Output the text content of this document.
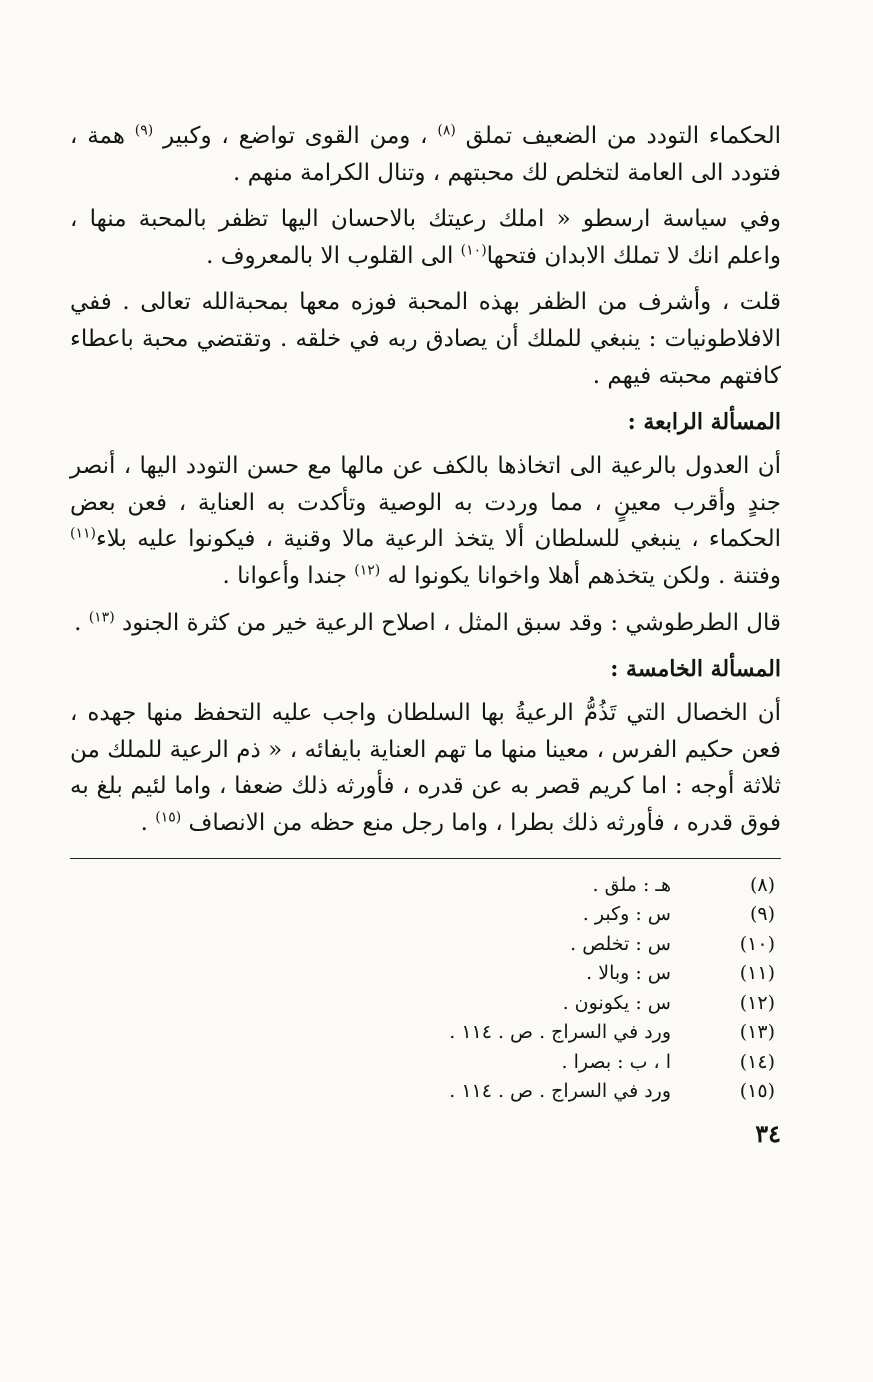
الحكماء التودد من الضعيف تملق $^{(٨)}$ ، ومن القوى تواضع ، وكبير $^{(٩)}$ همة ، فتودد الى العامة لتخلص لك محبتهم ، وتنال الكرامة منهم .

وفي سياسة ارسطو « املك رعيتك بالاحسان اليها تظفر بالمحبة منها ، واعلم انك لا تملك الابدان فتحها$^{(١٠)}$ الى القلوب الا بالمعروف .

قلت ، وأشرف من الظفر بهذه المحبة فوزه معها بمحبةالله تعالى . ففي الافلاطونيات : ينبغي للملك أن يصادق ربه في خلقه . وتقتضي محبة باعطاء كافتهم محبته فيهم .

المسألة الرابعة :

أن العدول بالرعية الى اتخاذها بالكف عن مالها مع حسن التودد اليها ، أنصر جندٍ وأقرب معينٍ ، مما وردت به الوصية وتأكدت به العناية ، فعن بعض الحكماء ، ينبغي للسلطان ألا يتخذ الرعية مالا وقنية ، فيكونوا عليه بلاء$^{(١١)}$ وفتنة . ولكن يتخذهم أهلا واخوانا يكونوا له $^{(١٢)}$ جندا وأعوانا .

قال الطرطوشي : وقد سبق المثل ، اصلاح الرعية خير من كثرة الجنود $^{(١٣)}$ .

المسألة الخامسة :

أن الخصال التي تَذُمُّ الرعيةُ بها السلطان واجب عليه التحفظ منها جهده ، فعن حكيم الفرس ، معينا منها ما تهم العناية بايفائه ، « ذم الرعية للملك من ثلاثة أوجه : اما كريم قصر به عن قدره ، فأورثه ذلك ضعفا ، واما لئيم بلغ به فوق قدره ، فأورثه ذلك بطرا ، واما رجل منع حظه من الانصاف $^{(١٥)}$ .

(٨)
هـ : ملق .
(٩)
س : وكبر .
(١٠)
س : تخلص .
(١١)
س : وبالا .
(١٢)
س : يكونون .
(١٣)
ورد في السراج . ص . ١١٤ .
(١٤)
ا ، ب : بصرا .
(١٥)
ورد في السراج . ص . ١١٤ .
٣٤
